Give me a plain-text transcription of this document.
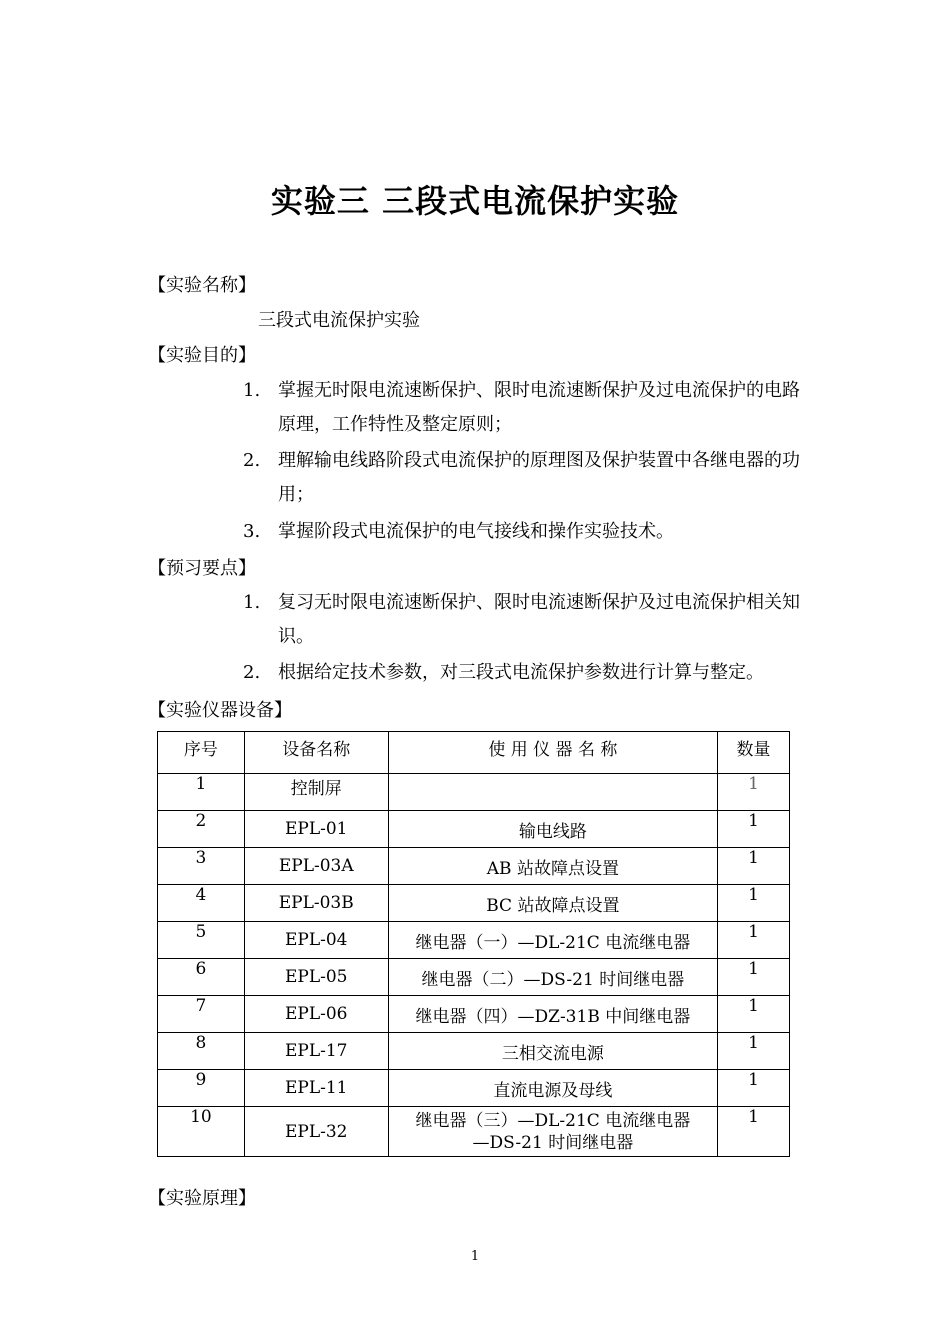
实验三 三段式电流保护实验
【实验名称】
三段式电流保护实验
【实验目的】
1. 掌握无时限电流速断保护、限时电流速断保护及过电流保护的电路原理，工作特性及整定原则；
2. 理解输电线路阶段式电流保护的原理图及保护装置中各继电器的功用；
3. 掌握阶段式电流保护的电气接线和操作实验技术。
【预习要点】
1. 复习无时限电流速断保护、限时电流速断保护及过电流保护相关知识。
2. 根据给定技术参数，对三段式电流保护参数进行计算与整定。
【实验仪器设备】
序号	设备名称	使 用 仪 器 名 称	数量
1	控制屏		1
2	EPL-01	输电线路	1
3	EPL-03A	AB 站故障点设置	1
4	EPL-03B	BC 站故障点设置	1
5	EPL-04	继电器（一）—DL-21C 电流继电器	1
6	EPL-05	继电器（二）—DS-21 时间继电器	1
7	EPL-06	继电器（四）—DZ-31B 中间继电器	1
8	EPL-17	三相交流电源	1
9	EPL-11	直流电源及母线	1
10	EPL-32	继电器（三）—DL-21C 电流继电器
—DS-21 时间继电器	1
【实验原理】
1
